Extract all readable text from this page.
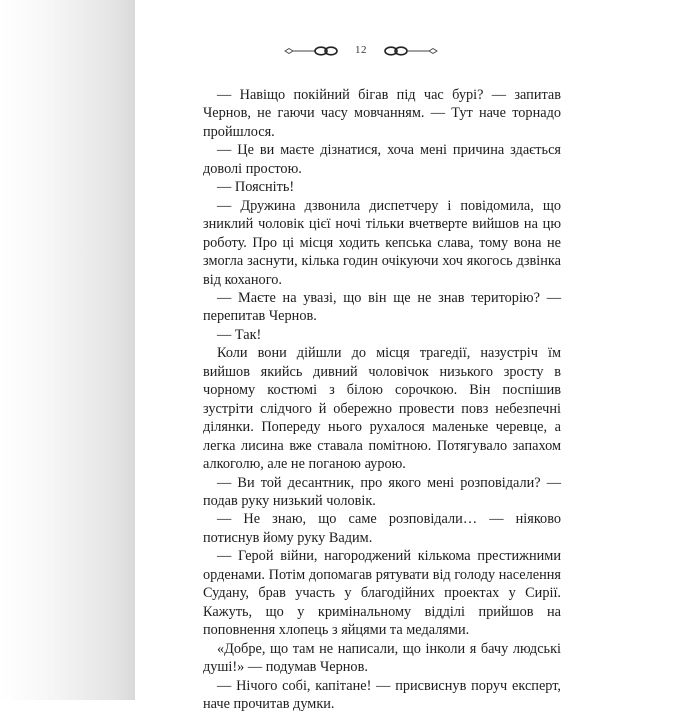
12

— Навіщо покійний бігав під час бурі? — запитав Чернов, не гаючи часу мовчанням. — Тут наче торнадо пройшлося.

— Це ви маєте дізнатися, хоча мені причина здається доволі простою.

— Поясніть!

— Дружина дзвонила диспетчеру і повідомила, що зниклий чоловік цієї ночі тільки вчетверте вийшов на цю роботу. Про ці місця ходить кепська слава, тому вона не змогла заснути, кілька годин очікуючи хоч якогось дзвінка від коханого.

— Маєте на увазі, що він ще не знав територію? — перепитав Чернов.

— Так!

Коли вони дійшли до місця трагедії, назустріч їм вийшов якийсь дивний чоловічок низького зросту в чорному костюмі з білою сорочкою. Він поспішив зустріти слідчого й обережно провести повз небезпечні ділянки. Попереду нього рухалося маленьке черевце, а легка лисина вже ставала помітною. Потягувало запахом алкоголю, але не поганою аурою.

— Ви той десантник, про якого мені розповідали? — подав руку низький чоловік.

— Не знаю, що саме розповідали… — ніяково потиснув йому руку Вадим.

— Герой війни, нагороджений кількома престижними орденами. Потім допомагав рятувати від голоду населення Судану, брав участь у благодійних проектах у Сирії. Кажуть, що у кримінальному відділі прийшов на поповнення хлопець з яйцями та медалями.

«Добре, що там не написали, що інколи я бачу людські душі!» — подумав Чернов.

— Нічого собі, капітане! — присвиснув поруч експерт, наче прочитав думки.
